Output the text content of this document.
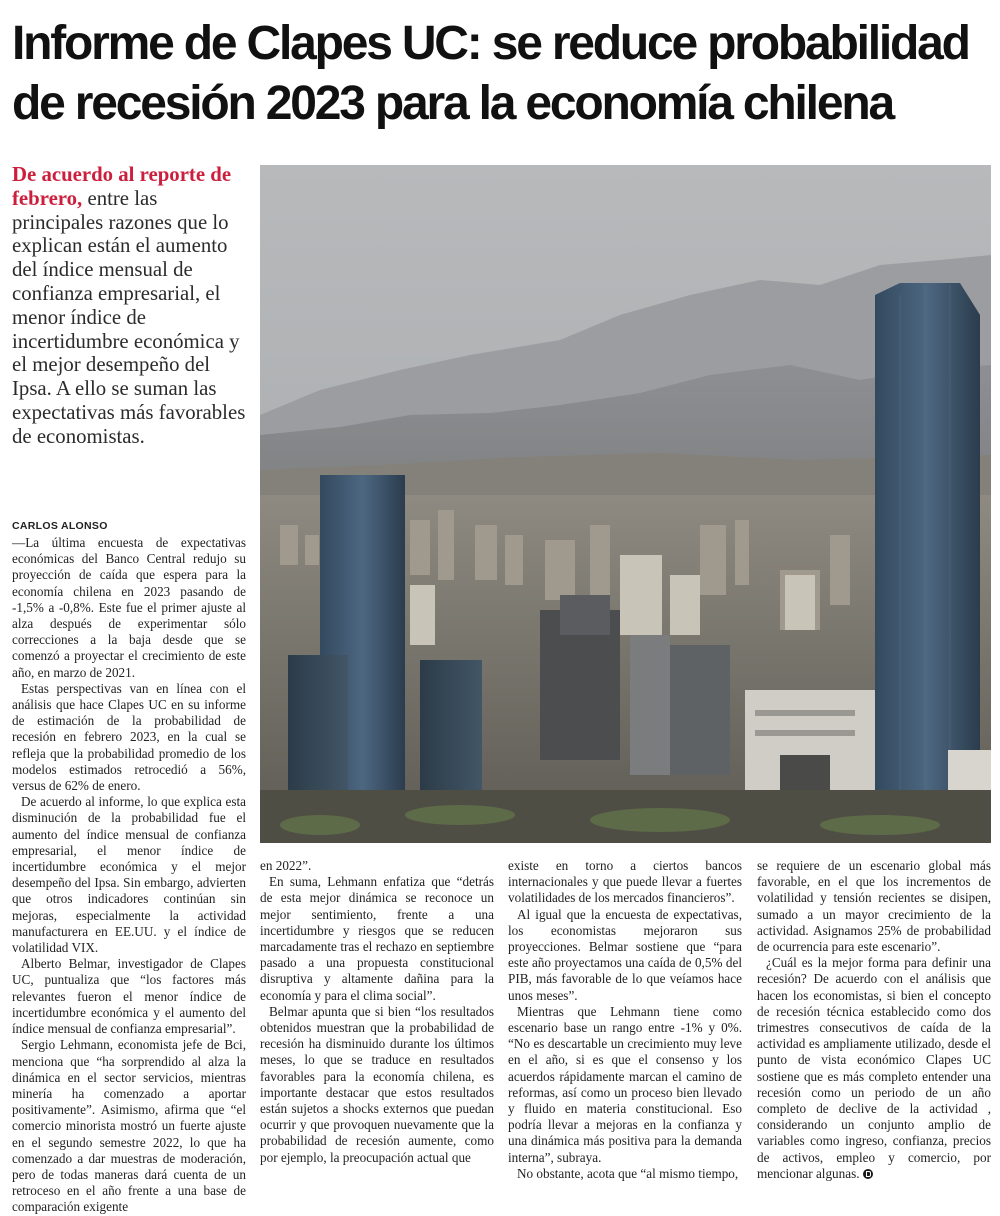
Informe de Clapes UC: se reduce probabilidad de recesión 2023 para la economía chilena

De acuerdo al reporte de febrero, entre las principales razones que lo explican están el aumento del índice mensual de confianza empresarial, el menor índice de incertidumbre económica y el mejor desempeño del Ipsa. A ello se suman las expectativas más favorables de economistas.

CARLOS ALONSO

—La última encuesta de expectativas económicas del Banco Central redujo su proyección de caída que espera para la economía chilena en 2023 pasando de -1,5% a -0,8%. Este fue el primer ajuste al alza después de experimentar sólo correcciones a la baja desde que se comenzó a proyectar el crecimiento de este año, en marzo de 2021.

Estas perspectivas van en línea con el análisis que hace Clapes UC en su informe de estimación de la probabilidad de recesión en febrero 2023, en la cual se refleja que la probabilidad promedio de los modelos estimados retrocedió a 56%, versus de 62% de enero.

De acuerdo al informe, lo que explica esta disminución de la probabilidad fue el aumento del índice mensual de confianza empresarial, el menor índice de incertidumbre económica y el mejor desempeño del Ipsa. Sin embargo, advierten que otros indicadores continúan sin mejoras, especialmente la actividad manufacturera en EE.UU. y el índice de volatilidad VIX.

Alberto Belmar, investigador de Clapes UC, puntualiza que “los factores más relevantes fueron el menor índice de incertidumbre económica y el aumento del índice mensual de confianza empresarial”.

Sergio Lehmann, economista jefe de Bci, menciona que “ha sorprendido al alza la dinámica en el sector servicios, mientras minería ha comenzado a aportar positivamente”. Asimismo, afirma que “el comercio minorista mostró un fuerte ajuste en el segundo semestre 2022, lo que ha comenzado a dar muestras de moderación, pero de todas maneras dará cuenta de un retroceso en el año frente a una base de comparación exigente

en 2022”.

En suma, Lehmann enfatiza que “detrás de esta mejor dinámica se reconoce un mejor sentimiento, frente a una incertidumbre y riesgos que se reducen marcadamente tras el rechazo en septiembre pasado a una propuesta constitucional disruptiva y altamente dañina para la economía y para el clima social”.

Belmar apunta que si bien “los resultados obtenidos muestran que la probabilidad de recesión ha disminuido durante los últimos meses, lo que se traduce en resultados favorables para la economía chilena, es importante destacar que estos resultados están sujetos a shocks externos que puedan ocurrir y que provoquen nuevamente que la probabilidad de recesión aumente, como por ejemplo, la preocupación actual que

existe en torno a ciertos bancos internacionales y que puede llevar a fuertes volatilidades de los mercados financieros”.

Al igual que la encuesta de expectativas, los economistas mejoraron sus proyecciones. Belmar sostiene que “para este año proyectamos una caída de 0,5% del PIB, más favorable de lo que veíamos hace unos meses”.

Mientras que Lehmann tiene como escenario base un rango entre -1% y 0%. “No es descartable un crecimiento muy leve en el año, si es que el consenso y los acuerdos rápidamente marcan el camino de reformas, así como un proceso bien llevado y fluido en materia constitucional. Eso podría llevar a mejoras en la confianza y una dinámica más positiva para la demanda interna”, subraya.

No obstante, acota que “al mismo tiempo,

se requiere de un escenario global más favorable, en el que los incrementos de volatilidad y tensión recientes se disipen, sumado a un mayor crecimiento de la actividad. Asignamos 25% de probabilidad de ocurrencia para este escenario”.

¿Cuál es la mejor forma para definir una recesión? De acuerdo con el análisis que hacen los economistas, si bien el concepto de recesión técnica establecido como dos trimestres consecutivos de caída de la actividad es ampliamente utilizado, desde el punto de vista económico Clapes UC sostiene que es más completo entender una recesión como un periodo de un año completo de declive de la actividad , considerando un conjunto amplio de variables como ingreso, confianza, precios de activos, empleo y comercio, por mencionar algunas.
